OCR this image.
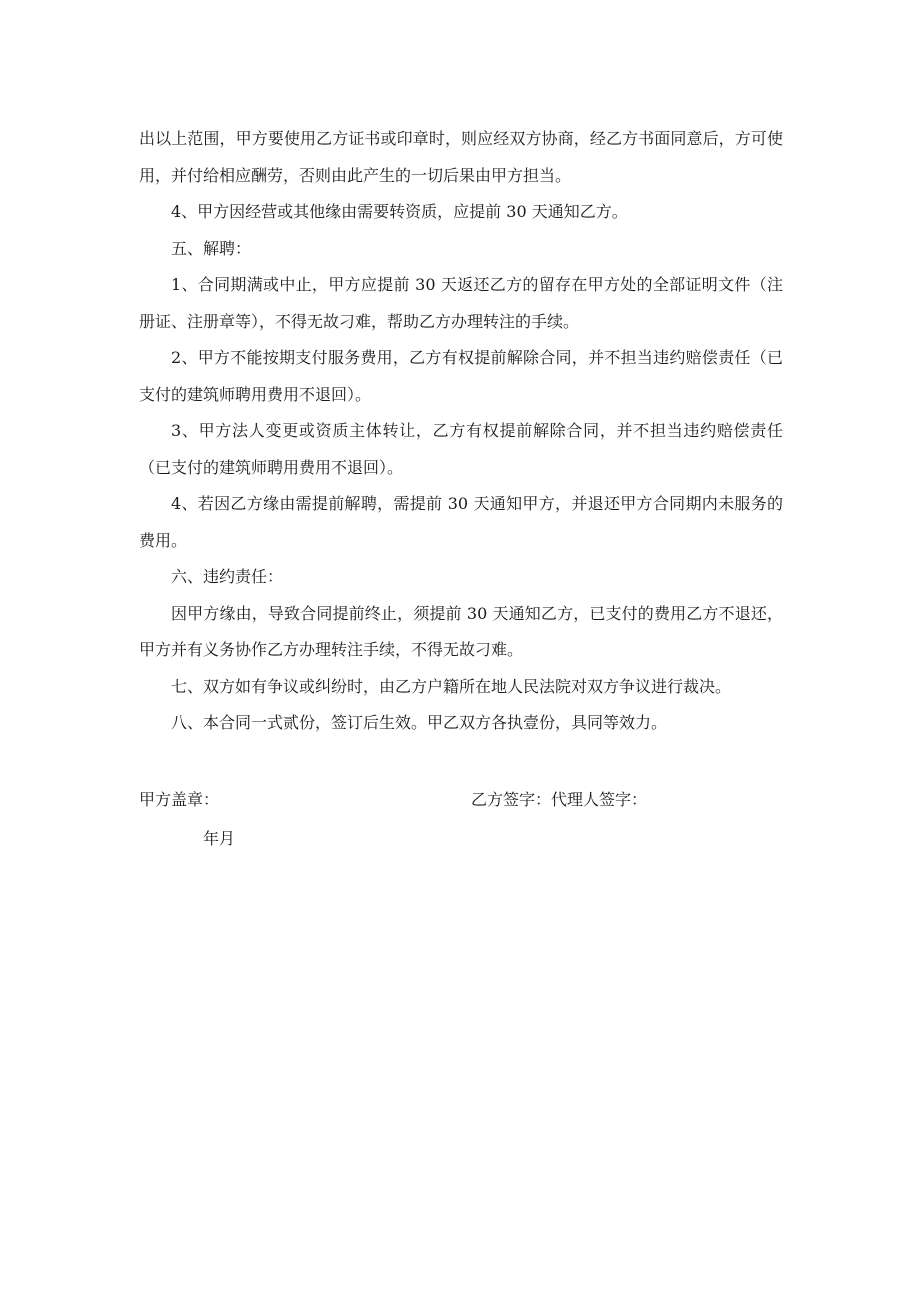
出以上范围，甲方要使用乙方证书或印章时，则应经双方协商，经乙方书面同意后，方可使用，并付给相应酬劳，否则由此产生的一切后果由甲方担当。

4、甲方因经营或其他缘由需要转资质，应提前 30 天通知乙方。

五、解聘：

1、合同期满或中止，甲方应提前 30 天返还乙方的留存在甲方处的全部证明文件（注册证、注册章等），不得无故刁难，帮助乙方办理转注的手续。

2、甲方不能按期支付服务费用，乙方有权提前解除合同，并不担当违约赔偿责任（已支付的建筑师聘用费用不退回）。

3、甲方法人变更或资质主体转让，乙方有权提前解除合同，并不担当违约赔偿责任（已支付的建筑师聘用费用不退回）。

4、若因乙方缘由需提前解聘，需提前 30 天通知甲方，并退还甲方合同期内未服务的费用。

六、违约责任：

因甲方缘由，导致合同提前终止，须提前 30 天通知乙方，已支付的费用乙方不退还，甲方并有义务协作乙方办理转注手续，不得无故刁难。

七、双方如有争议或纠纷时，由乙方户籍所在地人民法院对双方争议进行裁决。

八、本合同一式贰份，签订后生效。甲乙双方各执壹份，具同等效力。

甲方盖章：	乙方签字：代理人签字：
年月
